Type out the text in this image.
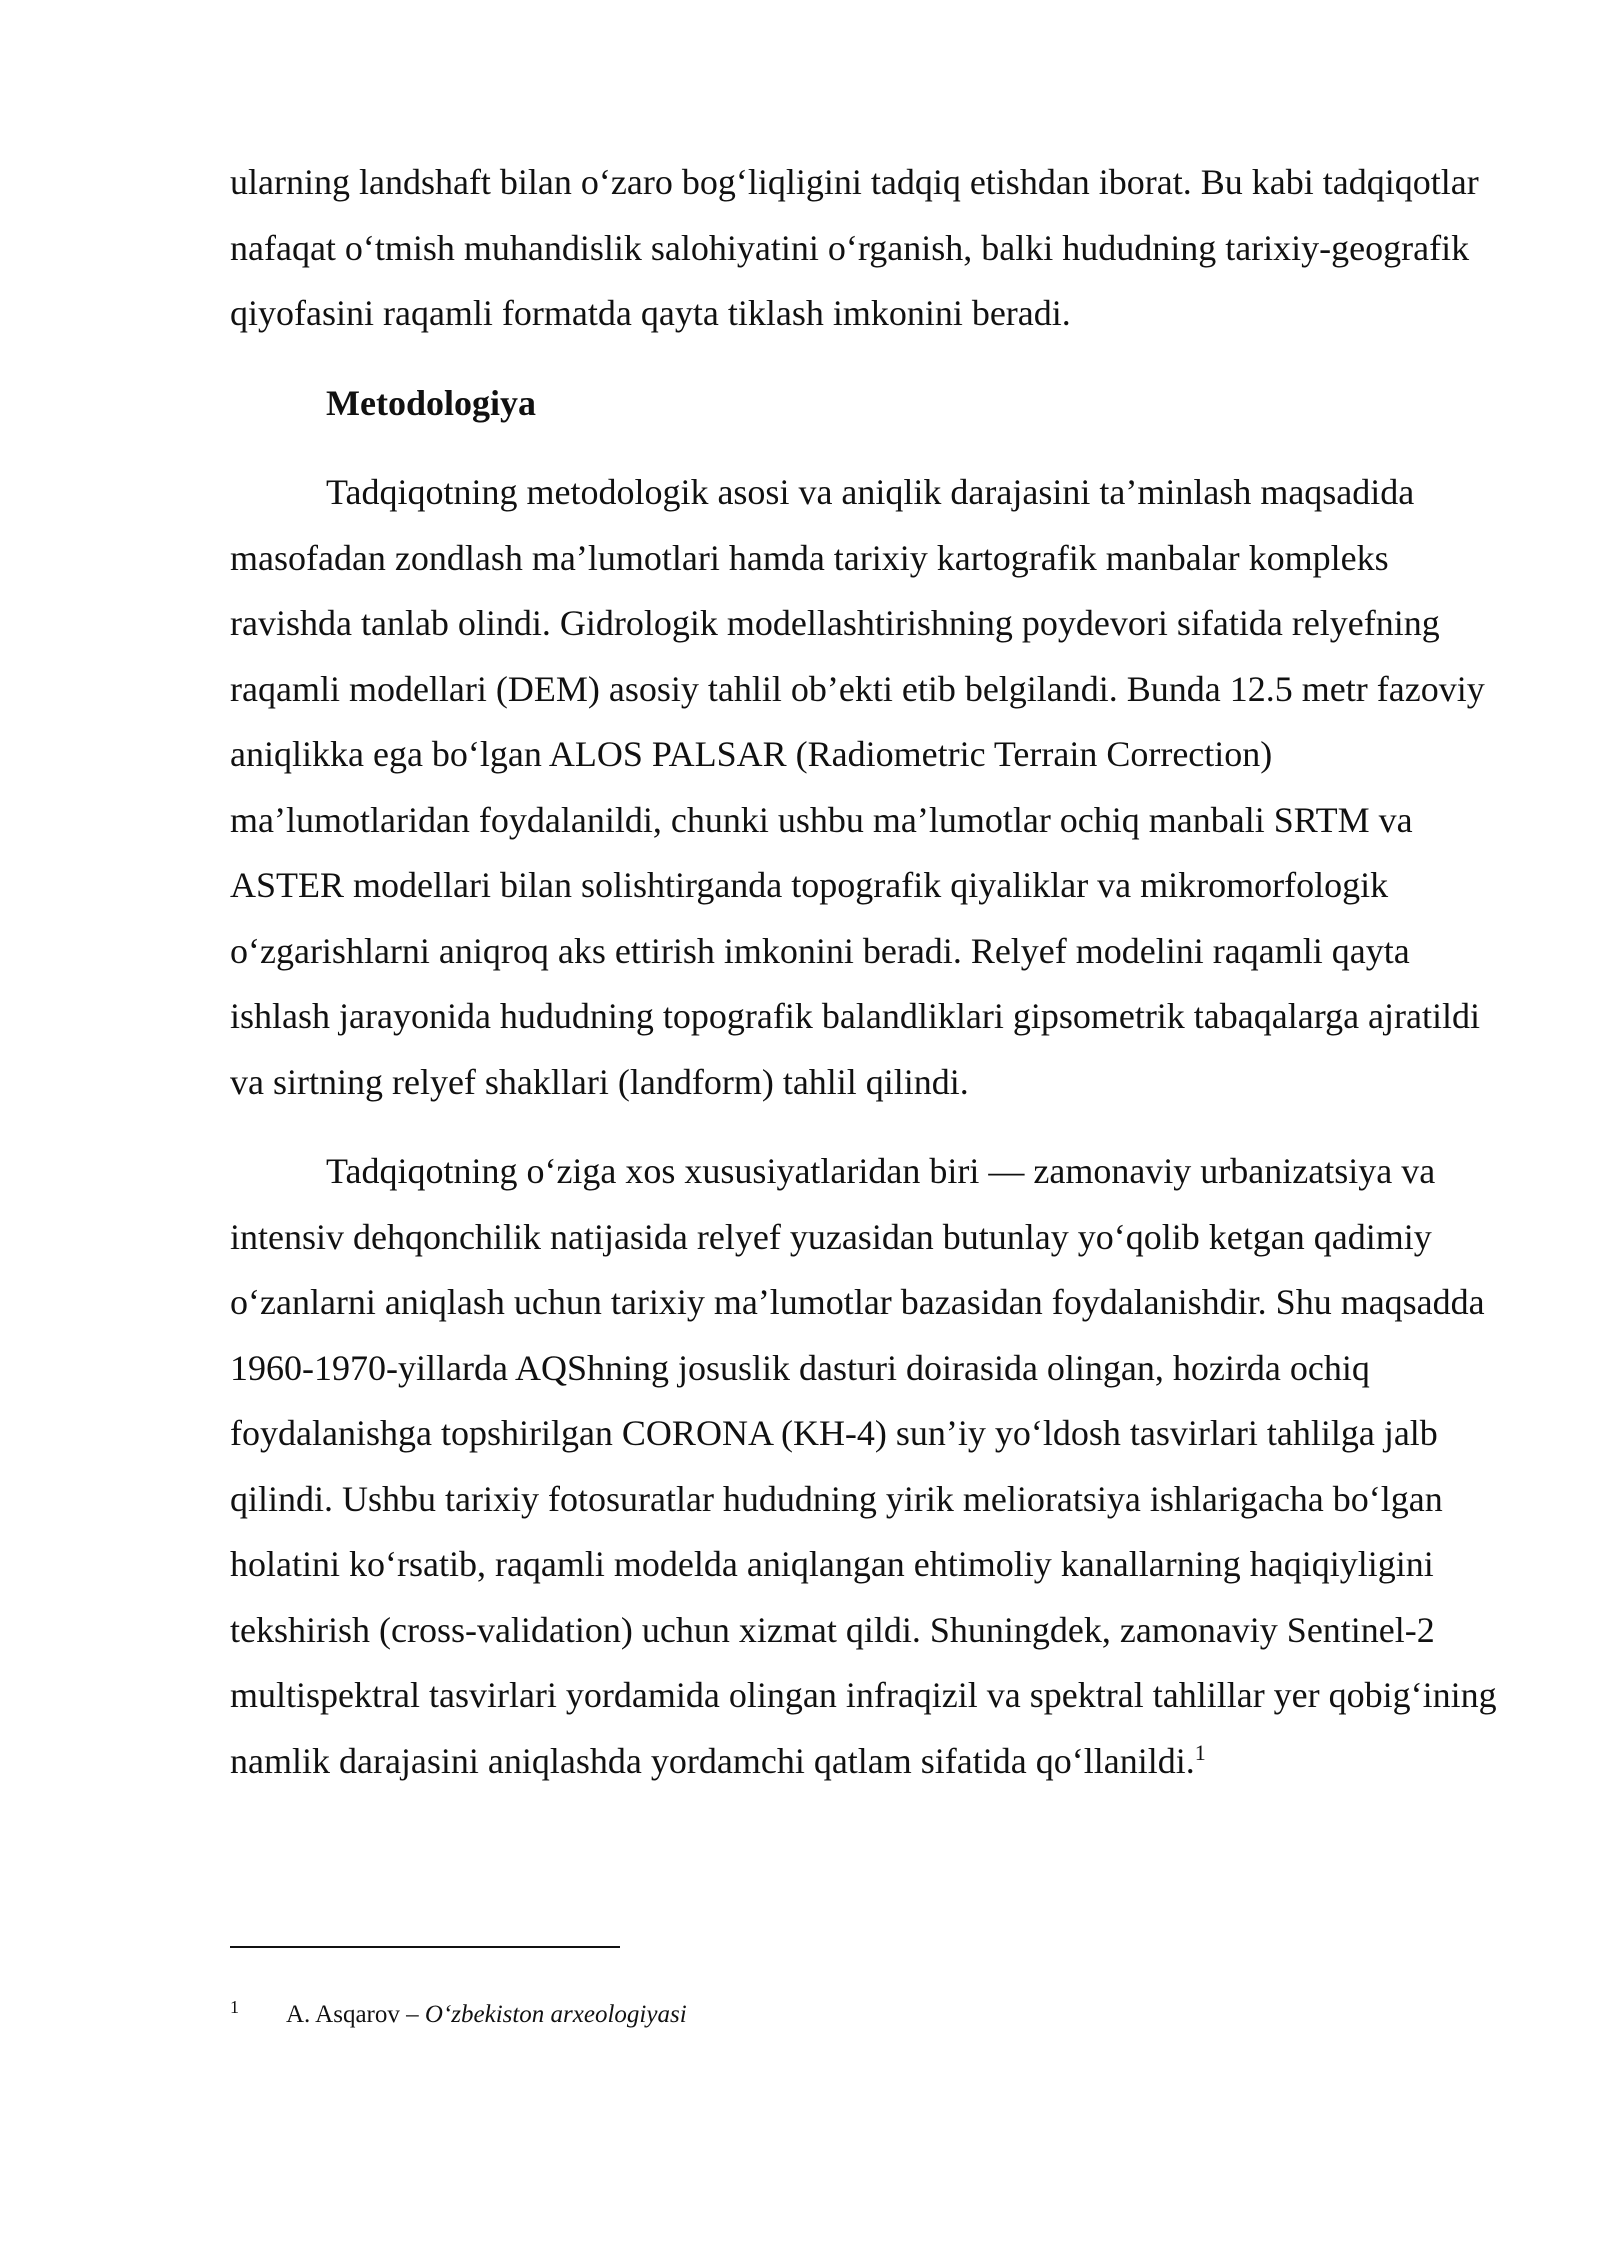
ularning landshaft bilan o‘zaro bog‘liqligini tadqiq etishdan iborat. Bu kabi tadqiqotlar nafaqat o‘tmish muhandislik salohiyatini o‘rganish, balki hududning tarixiy-geografik qiyofasini raqamli formatda qayta tiklash imkonini beradi.

Metodologiya

Tadqiqotning metodologik asosi va aniqlik darajasini ta’minlash maqsadida masofadan zondlash ma’lumotlari hamda tarixiy kartografik manbalar kompleks ravishda tanlab olindi. Gidrologik modellashtirishning poydevori sifatida relyefning raqamli modellari (DEM) asosiy tahlil ob’ekti etib belgilandi. Bunda 12.5 metr fazoviy aniqlikka ega bo‘lgan ALOS PALSAR (Radiometric Terrain Correction) ma’lumotlaridan foydalanildi, chunki ushbu ma’lumotlar ochiq manbali SRTM va ASTER modellari bilan solishtirganda topografik qiyaliklar va mikromorfologik o‘zgarishlarni aniqroq aks ettirish imkonini beradi. Relyef modelini raqamli qayta ishlash jarayonida hududning topografik balandliklari gipsometrik tabaqalarga ajratildi va sirtning relyef shakllari (landform) tahlil qilindi.

Tadqiqotning o‘ziga xos xususiyatlaridan biri — zamonaviy urbanizatsiya va intensiv dehqonchilik natijasida relyef yuzasidan butunlay yo‘qolib ketgan qadimiy o‘zanlarni aniqlash uchun tarixiy ma’lumotlar bazasidan foydalanishdir. Shu maqsadda 1960-1970-yillarda AQShning josuslik dasturi doirasida olingan, hozirda ochiq foydalanishga topshirilgan CORONA (KH-4) sun’iy yo‘ldosh tasvirlari tahlilga jalb qilindi. Ushbu tarixiy fotosuratlar hududning yirik melioratsiya ishlarigacha bo‘lgan holatini ko‘rsatib, raqamli modelda aniqlangan ehtimoliy kanallarning haqiqiyligini tekshirish (cross-validation) uchun xizmat qildi. Shuningdek, zamonaviy Sentinel-2 multispektral tasvirlari yordamida olingan infraqizil va spektral tahlillar yer qobig‘ining namlik darajasini aniqlashda yordamchi qatlam sifatida qo‘llanildi.$^1$

1 A. Asqarov – O‘zbekiston arxeologiyasi
